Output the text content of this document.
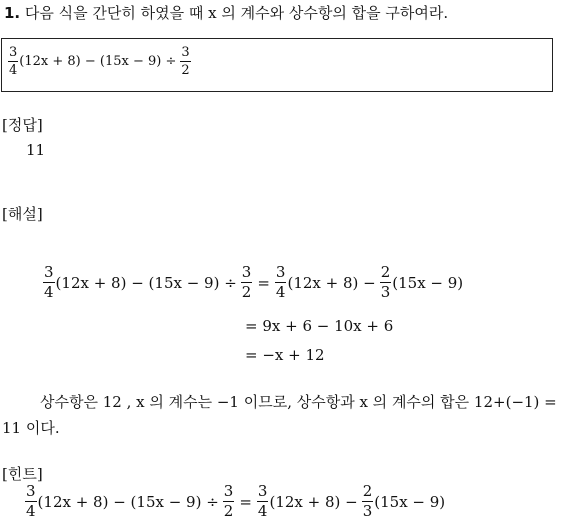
1. 다음 식을 간단히 하였을 때 x 의 계수와 상수항의 합을 구하여라.
$\frac{3}{4} (12x + 8) - (15x - 9) \div \frac{3}{2}$
[정답]
11
[해설]
$\frac{3}{4} (12x + 8) - (15x - 9) \div \frac{3}{2} = \frac{3}{4} (12x + 8) - \frac{2}{3} (15x - 9)$
= 9x + 6 − 10x + 6
= −x + 12
상수항은 12 , x 의 계수는 −1 이므로, 상수항과 x 의 계수의 합은 12+(−1) = 11 이다.
[힌트]
$\frac{3}{4} (12x + 8) - (15x - 9) \div \frac{3}{2} = \frac{3}{4} (12x + 8) - \frac{2}{3} (15x - 9)$
